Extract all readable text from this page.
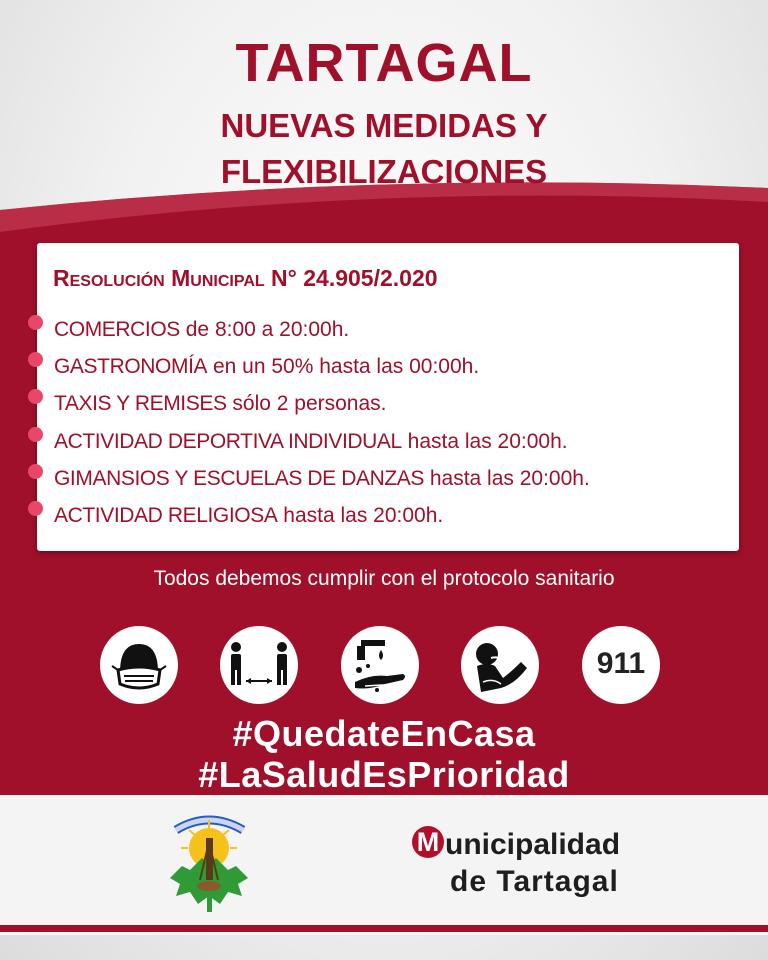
TARTAGAL
NUEVAS MEDIDAS Y
FLEXIBILIZACIONES
Resolución Municipal N° 24.905/2.020
COMERCIOS de 8:00 a 20:00h.
GASTRONOMÍA en un 50% hasta las 00:00h.
TAXIS Y REMISES sólo 2 personas.
ACTIVIDAD DEPORTIVA INDIVIDUAL hasta las 20:00h.
GIMANSIOS Y ESCUELAS DE DANZAS hasta las 20:00h.
ACTIVIDAD RELIGIOSA hasta las 20:00h.
Todos debemos cumplir con el protocolo sanitario
911
#QuedateEnCasa
#LaSaludEsPrioridad
M unicipalidad
de Tartagal
